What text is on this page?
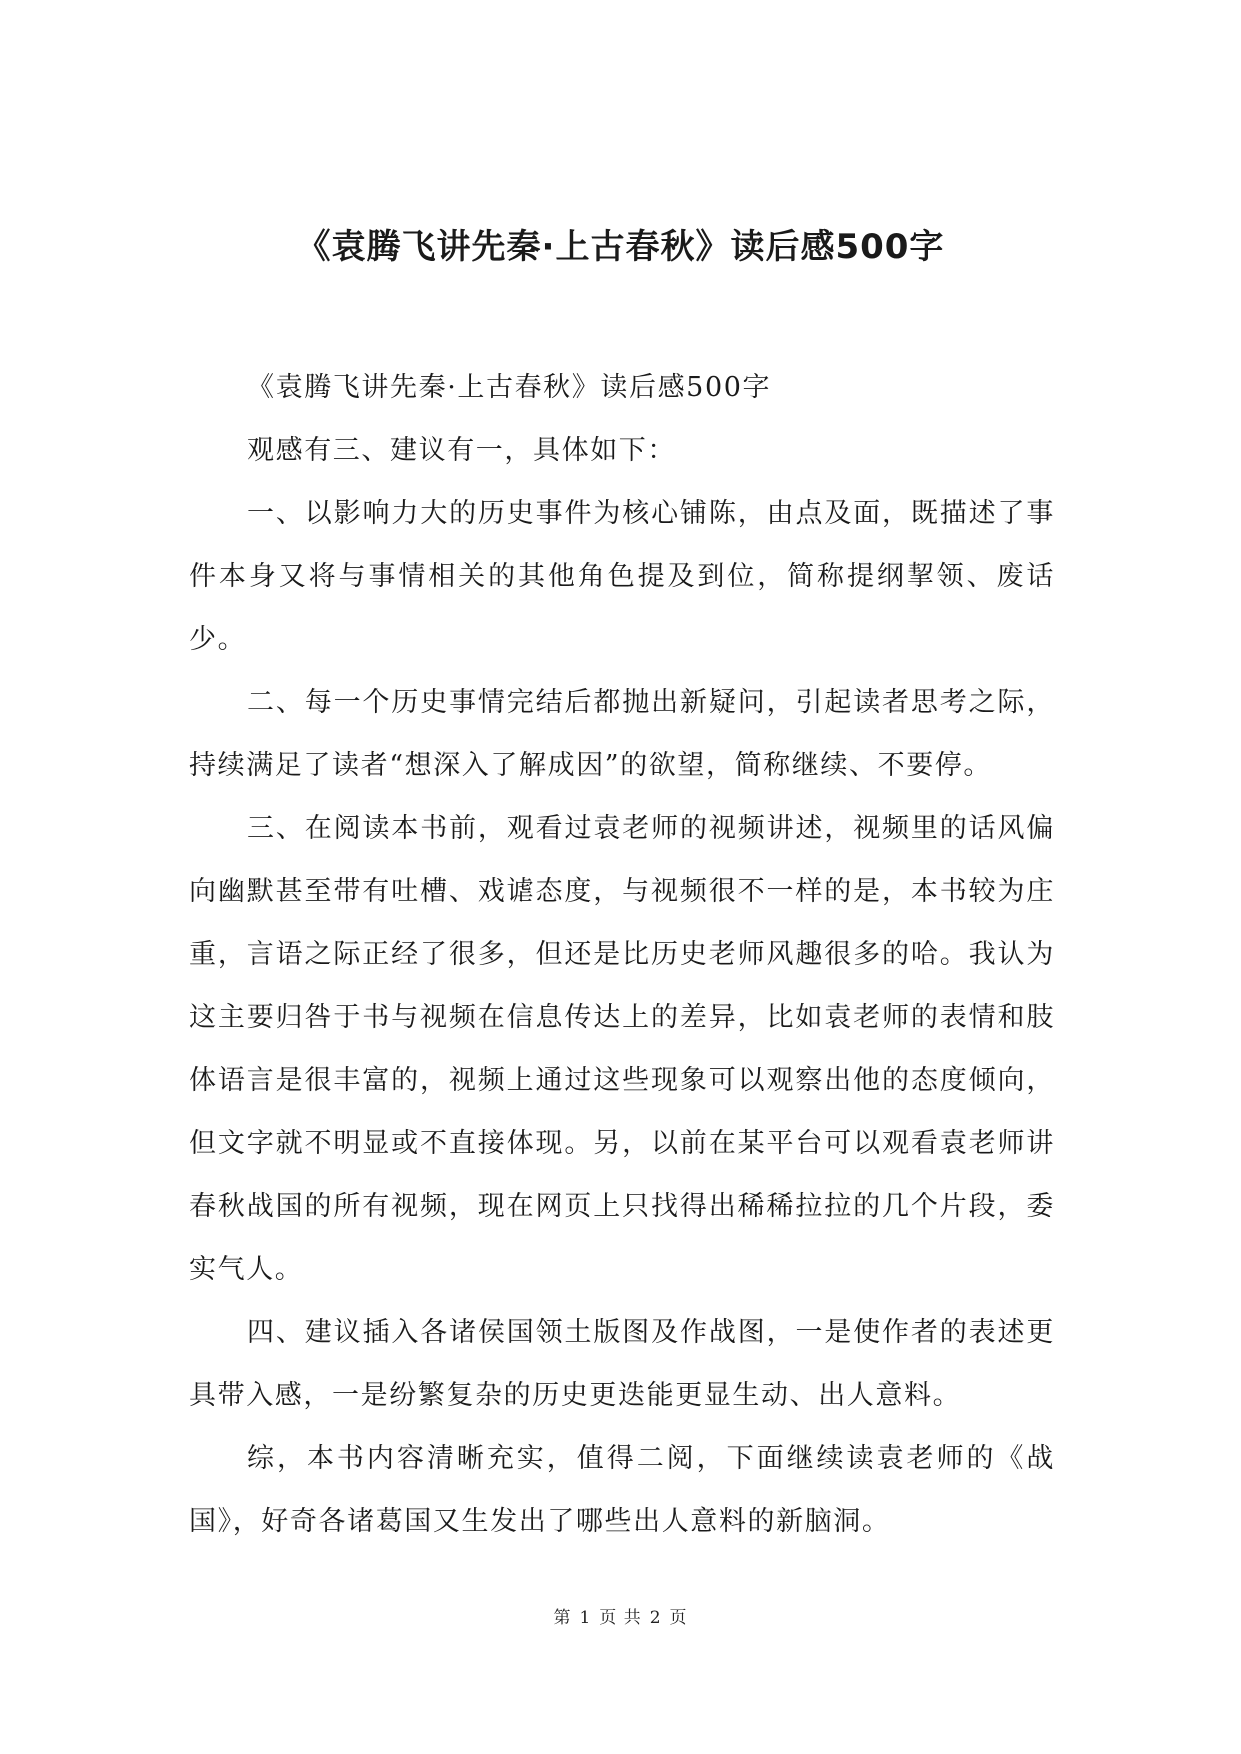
《袁腾飞讲先秦·上古春秋》读后感500字

《袁腾飞讲先秦·上古春秋》读后感500字

观感有三、建议有一，具体如下：

一、以影响力大的历史事件为核心铺陈，由点及面，既描述了事件本身又将与事情相关的其他角色提及到位，简称提纲挈领、废话少。

二、每一个历史事情完结后都抛出新疑问，引起读者思考之际，持续满足了读者“想深入了解成因”的欲望，简称继续、不要停。

三、在阅读本书前，观看过袁老师的视频讲述，视频里的话风偏向幽默甚至带有吐槽、戏谑态度，与视频很不一样的是，本书较为庄重，言语之际正经了很多，但还是比历史老师风趣很多的哈。我认为这主要归咎于书与视频在信息传达上的差异，比如袁老师的表情和肢体语言是很丰富的，视频上通过这些现象可以观察出他的态度倾向，但文字就不明显或不直接体现。另，以前在某平台可以观看袁老师讲春秋战国的所有视频，现在网页上只找得出稀稀拉拉的几个片段，委实气人。

四、建议插入各诸侯国领土版图及作战图，一是使作者的表述更具带入感，一是纷繁复杂的历史更迭能更显生动、出人意料。

综，本书内容清晰充实，值得二阅，下面继续读袁老师的《战国》，好奇各诸葛国又生发出了哪些出人意料的新脑洞。

第 1 页 共 2 页
